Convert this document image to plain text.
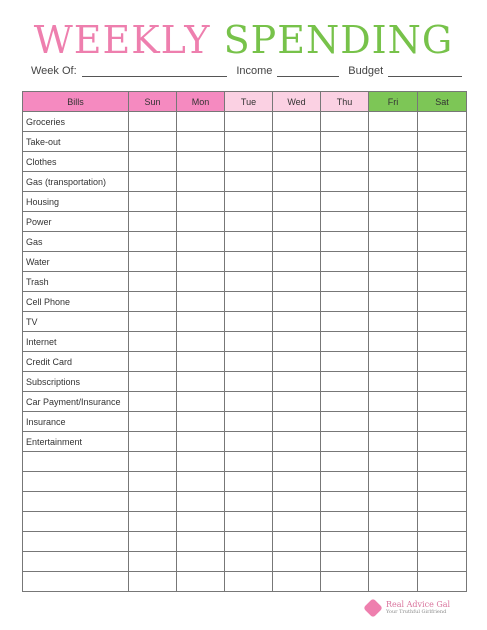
WEEKLY SPENDING
Week Of:	Income	Budget
Bills	Sun	Mon	Tue	Wed	Thu	Fri	Sat
Groceries							
Take-out							
Clothes							
Gas (transportation)							
Housing							
Power							
Gas							
Water							
Trash							
Cell Phone							
TV							
Internet							
Credit Card							
Subscriptions							
Car Payment/Insurance							
Insurance							
Entertainment							

Real Advice Gal
Your Truthful Girlfriend
